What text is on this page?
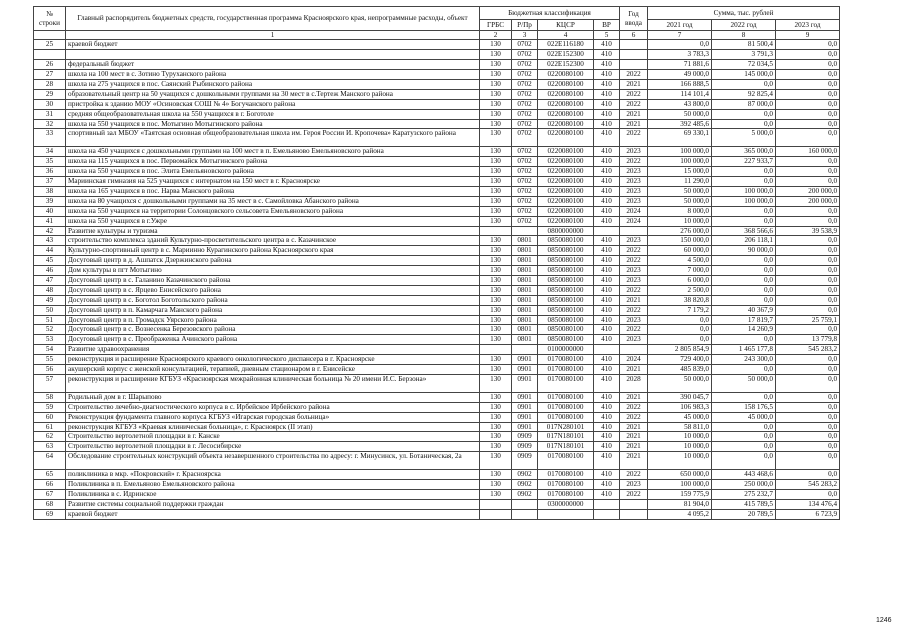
№ строки	Главный распорядитель бюджетных средств, государственная программа Красноярского края, непрограммные расходы, объект	Бюджетная классификация				Год ввода	Сумма, тыс. рублей		
		ГРБС	Р/Пр	КЦСР	ВР		2021 год	2022 год	2023 год
	1	2	3	4	5	6	7	8	9
25	краевой бюджет	130	0702	022E116180	410		0,0	81 500,4	0,0
		130	0702	022E152300	410		3 783,3	3 791,3	0,0
26	федеральный бюджет	130	0702	022E152300	410		71 881,6	72 034,5	0,0
27	школа на 100 мест в с. Зотино Туруханского района	130	0702	0220080100	410	2022	49 000,0	145 000,0	0,0
28	школа на 275 учащихся в пос. Саянский Рыбинского района	130	0702	0220080100	410	2021	166 888,5	0,0	0,0
29	образовательный центр на 50 учащихся с дошкольными группами на 30 мест в с.Тертеж Манского района	130	0702	0220080100	410	2022	114 101,4	92 825,4	0,0
30	пристройка к зданию МОУ «Осиновская СОШ № 4» Богучанского района	130	0702	0220080100	410	2022	43 800,0	87 000,0	0,0
31	средняя общеобразовательная школа на 550 учащихся в г. Боготоле	130	0702	0220080100	410	2021	50 000,0	0,0	0,0
32	школа на 550 учащихся в пос. Мотыгино Мотыгинского района	130	0702	0220080100	410	2021	392 485,6	0,0	0,0
33	спортивный зал МБОУ «Таятская основная общеобразовательная школа им. Героя России И. Кропочева» Каратузского района	130	0702	0220080100	410	2022	69 330,1	5 000,0	0,0
34	школа на 450 учащихся с дошкольными группами на 100 мест в п. Емельяново Емельяновского района	130	0702	0220080100	410	2023	100 000,0	365 000,0	160 000,0
35	школа на 115 учащихся в пос. Первомайск Мотыгинского района	130	0702	0220080100	410	2022	100 000,0	227 933,7	0,0
36	школа на 550 учащихся в пос. Элита Емельяновского района	130	0702	0220080100	410	2023	15 000,0	0,0	0,0
37	Мариинская гимназия на 525 учащихся с интернатом на 150 мест в г. Красноярске	130	0702	0220080100	410	2023	11 290,0	0,0	0,0
38	школа на 165 учащихся в пос. Нарва Манского района	130	0702	0220080100	410	2023	50 000,0	100 000,0	200 000,0
39	школа на 80 учащихся с дошкольными группами на 35 мест в с. Самойловка Абанского района	130	0702	0220080100	410	2023	50 000,0	100 000,0	200 000,0
40	школа на 550 учащихся на территории Солонцовского сельсовета Емельяновского района	130	0702	0220080100	410	2024	8 000,0	0,0	0,0
41	школа на 550 учащихся в г.Ужре	130	0702	0220080100	410	2024	10 000,0	0,0	0,0
42	Развитие культуры и туризма			0800000000			276 000,0	368 566,6	39 538,9
43	строительство комплекса зданий Культурно-просветительского центра в с. Казачинское	130	0801	0850080100	410	2023	150 000,0	206 118,1	0,0
44	Культурно-спортивный центр в с. Мариинно Курагинского района Красноярского края	130	0801	0850080100	410	2022	60 000,0	90 000,0	0,0
45	Досуговый центр в д. Ашпатск Дзержинского района	130	0801	0850080100	410	2022	4 500,0	0,0	0,0
46	Дом культуры в пгт Мотыгино	130	0801	0850080100	410	2023	7 000,0	0,0	0,0
47	Досуговый центр в с. Галанино Казачинского района	130	0801	0850080100	410	2023	6 000,0	0,0	0,0
48	Досуговый центр в с. Ярцево Енисейского района	130	0801	0850080100	410	2022	2 500,0	0,0	0,0
49	Досуговый центр в с. Боготол Боготольского района	130	0801	0850080100	410	2021	38 820,8	0,0	0,0
50	Досуговый центр в п. Камарчага Манского района	130	0801	0850080100	410	2022	7 179,2	40 367,9	0,0
51	Досуговый центр в п. Громадск Уярского района	130	0801	0850080100	410	2023	0,0	17 819,7	25 759,1
52	Досуговый центр в с. Вознесенка Березовского района	130	0801	0850080100	410	2022	0,0	14 260,9	0,0
53	Досуговый центр в с. Преображенка Ачинского района	130	0801	0850080100	410	2023	0,0	0,0	13 779,8
54	Развитие здравоохранения			0100000000			2 805 854,9	1 465 177,8	545 283,2
55	реконструкция и расширение Красноярского краевого онкологического диспансера в г. Красноярске	130	0901	0170080100	410	2024	729 400,0	243 300,0	0,0
56	акушерский корпус с женской консультацией, терапией, дневным стационаром в г. Енисейске	130	0901	0170080100	410	2021	485 839,0	0,0	0,0
57	реконструкция и расширение КГБУЗ «Красноярская межрайонная клиническая больница № 20 имени И.С. Берзона»	130	0901	0170080100	410	2028	50 000,0	50 000,0	0,0
58	Родильный дом в г. Шарыпово	130	0901	0170080100	410	2021	390 045,7	0,0	0,0
59	Строительство лечебно-диагностического корпуса в с. Ирбейское Ирбейского района	130	0901	0170080100	410	2022	106 983,3	158 176,5	0,0
60	Реконструкция фундамента главного корпуса КГБУЗ «Игарская городская больница»	130	0901	0170080100	410	2022	45 000,0	45 000,0	0,0
61	реконструкция КГБУЗ «Краевая клиническая больница», г. Красноярск (II этап)	130	0901	017N280101	410	2021	58 811,0	0,0	0,0
62	Строительство вертолетной площадки в г. Канске	130	0909	017N180101	410	2021	10 000,0	0,0	0,0
63	Строительство вертолетной площадки в г. Лесосибирске	130	0909	017N180101	410	2021	10 000,0	0,0	0,0
64	Обследование строительных конструкций объекта незавершенного строительства по адресу: г. Минусинск, ул. Ботаническая, 2а	130	0909	0170080100	410	2021	10 000,0	0,0	0,0
65	поликлиника в мкр. «Покровский» г. Красноярска	130	0902	0170080100	410	2022	650 000,0	443 468,6	0,0
66	Поликлиника в п. Емельяново Емельяновского района	130	0902	0170080100	410	2023	100 000,0	250 000,0	545 283,2
67	Поликлиника в с. Идринское	130	0902	0170080100	410	2022	159 775,9	275 232,7	0,0
68	Развитие системы социальной поддержки граждан			0300000000			81 904,0	415 789,5	134 476,4
69	краевой бюджет						4 095,2	20 789,5	6 723,9
1246
